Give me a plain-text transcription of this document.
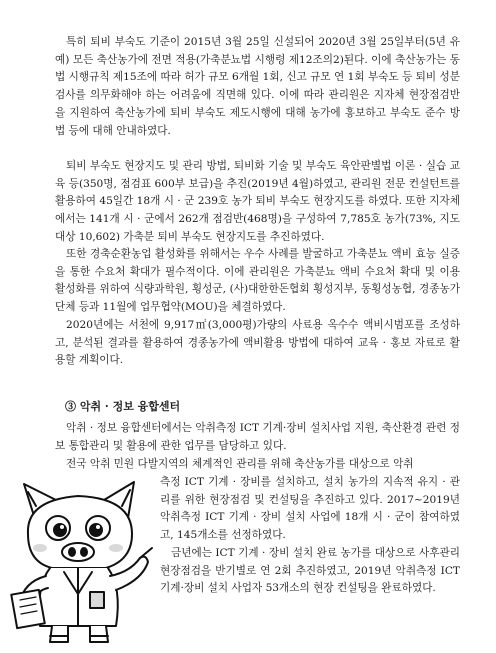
특히 퇴비 부숙도 기준이 2015년 3월 25일 신설되어 2020년 3월 25일부터(5년 유예) 모든 축산농가에 전면 적용(가축분뇨법 시행령 제12조의2)된다. 이에 축산농가는 동법 시행규칙 제15조에 따라 허가 규모 6개월 1회, 신고 규모 연 1회 부숙도 등 퇴비 성분검사를 의무화해야 하는 어려움에 직면해 있다. 이에 따라 관리원은 지자체 현장점검반을 지원하여 축산농가에 퇴비 부숙도 제도시행에 대해 농가에 홍보하고 부숙도 준수 방법 등에 대해 안내하였다.

퇴비 부숙도 현장지도 및 관리 방법, 퇴비화 기술 및 부숙도 육안판별법 이론 · 실습 교육 등(350명, 점검표 600부 보급)을 추진(2019년 4월)하였고, 관리원 전문 컨설턴트를 활용하여 45일간 18개 시 · 군 239호 농가 퇴비 부숙도 현장지도를 하였다. 또한 지자체에서는 141개 시 · 군에서 262개 점검반(468명)을 구성하여 7,785호 농가(73%, 지도 대상 10,602) 가축분 퇴비 부숙도 현장지도를 추진하였다.

또한 경축순환농업 활성화를 위해서는 우수 사례를 발굴하고 가축분뇨 액비 효능 실증을 통한 수요처 확대가 필수적이다. 이에 관리원은 가축분뇨 액비 수요처 확대 및 이용 활성화를 위하여 식량과학원, 횡성군, (사)대한한돈협회 횡성지부, 동횡성농협, 경종농가 단체 등과 11월에 업무협약(MOU)을 체결하였다.

2020년에는 서천에 9,917㎡(3,000평)가량의 사료용 옥수수 액비시범포를 조성하고, 분석된 결과를 활용하여 경종농가에 액비활용 방법에 대하여 교육 · 홍보 자료로 활용할 계획이다.

③ 악취 · 정보 융합센터

악취 · 정보 융합센터에서는 악취측정 ICT 기계·장비 설치사업 지원, 축산환경 관련 정보 통합관리 및 활용에 관한 업무를 담당하고 있다.

전국 악취 민원 다발지역의 체계적인 관리를 위해 축산농가를 대상으로 악취

측정 ICT 기계 · 장비를 설치하고, 설치 농가의 지속적 유지 · 관리를 위한 현장점검 및 컨설팅을 추진하고 있다. 2017~2019년 악취측정 ICT 기계 · 장비 설치 사업에 18개 시 · 군이 참여하였고, 145개소를 선정하였다.

금년에는 ICT 기계 · 장비 설치 완료 농가를 대상으로 사후관리 현장점검을 반기별로 연 2회 추진하였고, 2019년 악취측정 ICT 기계·장비 설치 사업자 53개소의 현장 컨설팅을 완료하였다.
